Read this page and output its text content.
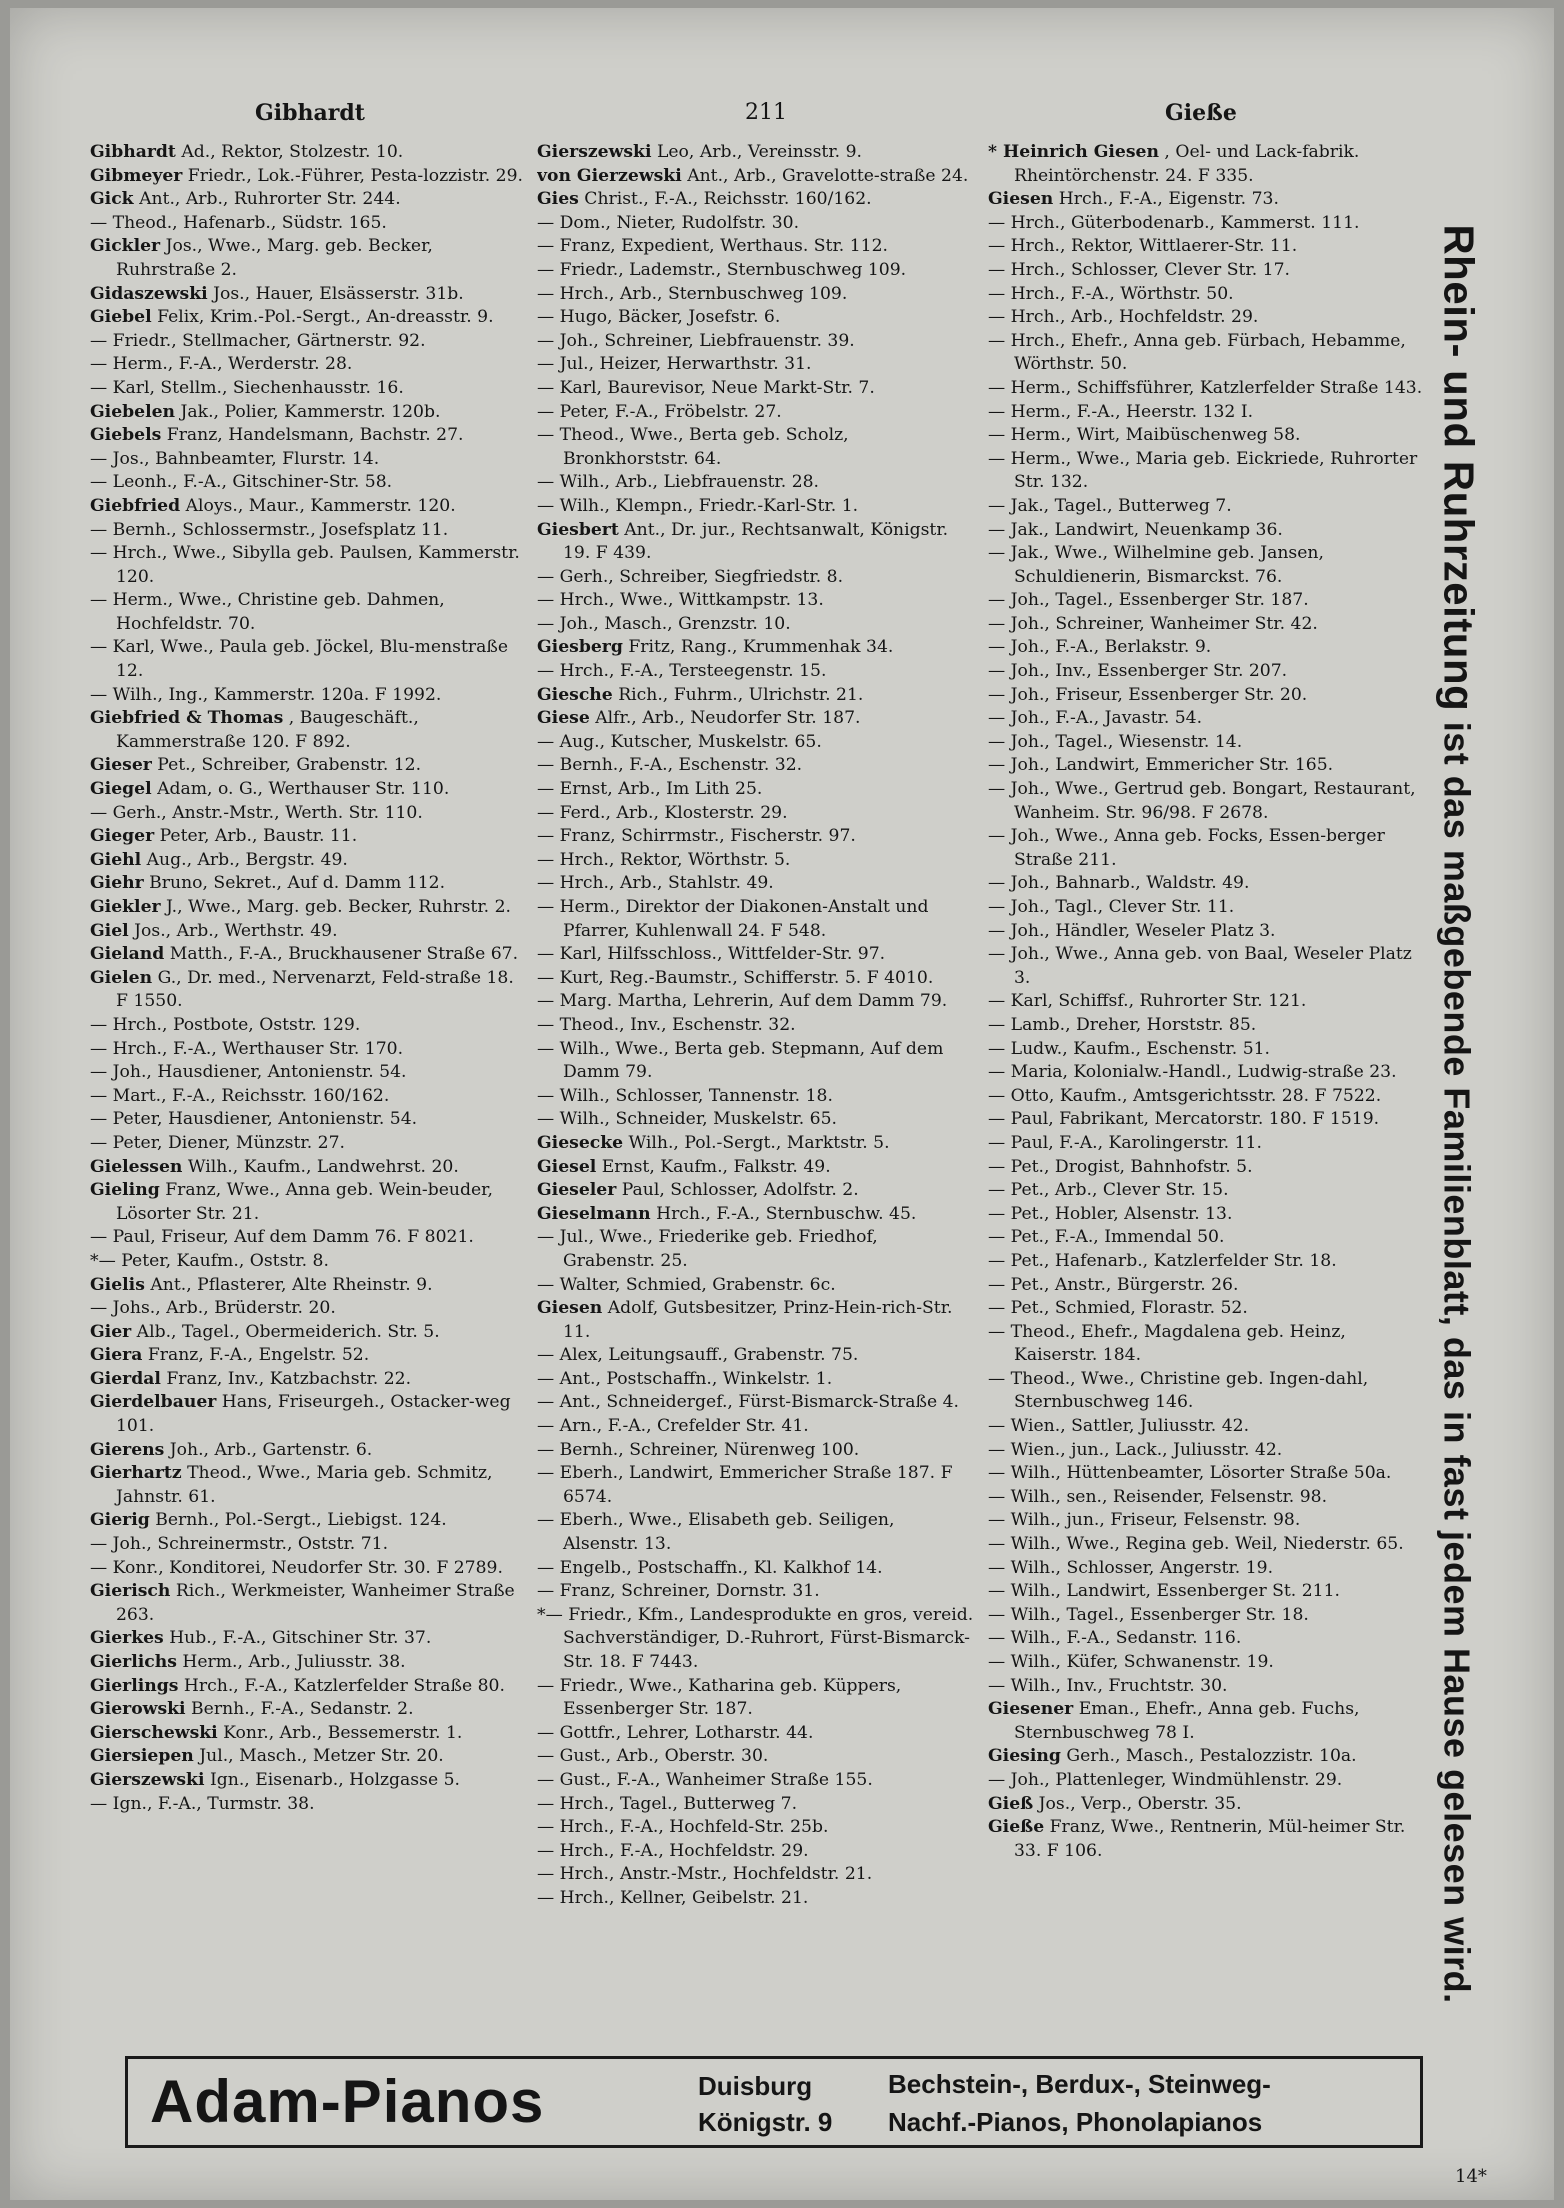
Gibhardt	211	Gieße

Gibhardt Ad., Rektor, Stolzestr. 10.

Gibmeyer Friedr., Lok.-Führer, Pesta-lozzistr. 29.

Gick Ant., Arb., Ruhrorter Str. 244.

— Theod., Hafenarb., Südstr. 165.

Gickler Jos., Wwe., Marg. geb. Becker, Ruhrstraße 2.

Gidaszewski Jos., Hauer, Elsässerstr. 31b.

Giebel Felix, Krim.-Pol.-Sergt., An-dreasstr. 9.

— Friedr., Stellmacher, Gärtnerstr. 92.

— Herm., F.-A., Werderstr. 28.

— Karl, Stellm., Siechenhausstr. 16.

Giebelen Jak., Polier, Kammerstr. 120b.

Giebels Franz, Handelsmann, Bachstr. 27.

— Jos., Bahnbeamter, Flurstr. 14.

— Leonh., F.-A., Gitschiner-Str. 58.

Giebfried Aloys., Maur., Kammerstr. 120.

— Bernh., Schlossermstr., Josefsplatz 11.

— Hrch., Wwe., Sibylla geb. Paulsen, Kammerstr. 120.

— Herm., Wwe., Christine geb. Dahmen, Hochfeldstr. 70.

— Karl, Wwe., Paula geb. Jöckel, Blu-menstraße 12.

— Wilh., Ing., Kammerstr. 120a. F 1992.

Giebfried & Thomas , Baugeschäft., Kammerstraße 120. F 892.

Gieser Pet., Schreiber, Grabenstr. 12.

Giegel Adam, o. G., Werthauser Str. 110.

— Gerh., Anstr.-Mstr., Werth. Str. 110.

Gieger Peter, Arb., Baustr. 11.

Giehl Aug., Arb., Bergstr. 49.

Giehr Bruno, Sekret., Auf d. Damm 112.

Giekler J., Wwe., Marg. geb. Becker, Ruhrstr. 2.

Giel Jos., Arb., Werthstr. 49.

Gieland Matth., F.-A., Bruckhausener Straße 67.

Gielen G., Dr. med., Nervenarzt, Feld-straße 18. F 1550.

— Hrch., Postbote, Oststr. 129.

— Hrch., F.-A., Werthauser Str. 170.

— Joh., Hausdiener, Antonienstr. 54.

— Mart., F.-A., Reichsstr. 160/162.

— Peter, Hausdiener, Antonienstr. 54.

— Peter, Diener, Münzstr. 27.

Gielessen Wilh., Kaufm., Landwehrst. 20.

Gieling Franz, Wwe., Anna geb. Wein-beuder, Lösorter Str. 21.

— Paul, Friseur, Auf dem Damm 76. F 8021.

*— Peter, Kaufm., Oststr. 8.

Gielis Ant., Pflasterer, Alte Rheinstr. 9.

— Johs., Arb., Brüderstr. 20.

Gier Alb., Tagel., Obermeiderich. Str. 5.

Giera Franz, F.-A., Engelstr. 52.

Gierdal Franz, Inv., Katzbachstr. 22.

Gierdelbauer Hans, Friseurgeh., Ostacker-weg 101.

Gierens Joh., Arb., Gartenstr. 6.

Gierhartz Theod., Wwe., Maria geb. Schmitz, Jahnstr. 61.

Gierig Bernh., Pol.-Sergt., Liebigst. 124.

— Joh., Schreinermstr., Oststr. 71.

— Konr., Konditorei, Neudorfer Str. 30. F 2789.

Gierisch Rich., Werkmeister, Wanheimer Straße 263.

Gierkes Hub., F.-A., Gitschiner Str. 37.

Gierlichs Herm., Arb., Juliusstr. 38.

Gierlings Hrch., F.-A., Katzlerfelder Straße 80.

Gierowski Bernh., F.-A., Sedanstr. 2.

Gierschewski Konr., Arb., Bessemerstr. 1.

Giersiepen Jul., Masch., Metzer Str. 20.

Gierszewski Ign., Eisenarb., Holzgasse 5.

— Ign., F.-A., Turmstr. 38.

Gierszewski Leo, Arb., Vereinsstr. 9.

von Gierzewski Ant., Arb., Gravelotte-straße 24.

Gies Christ., F.-A., Reichsstr. 160/162.

— Dom., Nieter, Rudolfstr. 30.

— Franz, Expedient, Werthaus. Str. 112.

— Friedr., Lademstr., Sternbuschweg 109.

— Hrch., Arb., Sternbuschweg 109.

— Hugo, Bäcker, Josefstr. 6.

— Joh., Schreiner, Liebfrauenstr. 39.

— Jul., Heizer, Herwarthstr. 31.

— Karl, Baurevisor, Neue Markt-Str. 7.

— Peter, F.-A., Fröbelstr. 27.

— Theod., Wwe., Berta geb. Scholz, Bronkhorststr. 64.

— Wilh., Arb., Liebfrauenstr. 28.

— Wilh., Klempn., Friedr.-Karl-Str. 1.

Giesbert Ant., Dr. jur., Rechtsanwalt, Königstr. 19. F 439.

— Gerh., Schreiber, Siegfriedstr. 8.

— Hrch., Wwe., Wittkampstr. 13.

— Joh., Masch., Grenzstr. 10.

Giesberg Fritz, Rang., Krummenhak 34.

— Hrch., F.-A., Tersteegenstr. 15.

Giesche Rich., Fuhrm., Ulrichstr. 21.

Giese Alfr., Arb., Neudorfer Str. 187.

— Aug., Kutscher, Muskelstr. 65.

— Bernh., F.-A., Eschenstr. 32.

— Ernst, Arb., Im Lith 25.

— Ferd., Arb., Klosterstr. 29.

— Franz, Schirrmstr., Fischerstr. 97.

— Hrch., Rektor, Wörthstr. 5.

— Hrch., Arb., Stahlstr. 49.

— Herm., Direktor der Diakonen-Anstalt und Pfarrer, Kuhlenwall 24. F 548.

— Karl, Hilfsschloss., Wittfelder-Str. 97.

— Kurt, Reg.-Baumstr., Schifferstr. 5. F 4010.

— Marg. Martha, Lehrerin, Auf dem Damm 79.

— Theod., Inv., Eschenstr. 32.

— Wilh., Wwe., Berta geb. Stepmann, Auf dem Damm 79.

— Wilh., Schlosser, Tannenstr. 18.

— Wilh., Schneider, Muskelstr. 65.

Giesecke Wilh., Pol.-Sergt., Marktstr. 5.

Giesel Ernst, Kaufm., Falkstr. 49.

Gieseler Paul, Schlosser, Adolfstr. 2.

Gieselmann Hrch., F.-A., Sternbuschw. 45.

— Jul., Wwe., Friederike geb. Friedhof, Grabenstr. 25.

— Walter, Schmied, Grabenstr. 6c.

Giesen Adolf, Gutsbesitzer, Prinz-Hein-rich-Str. 11.

— Alex, Leitungsauff., Grabenstr. 75.

— Ant., Postschaffn., Winkelstr. 1.

— Ant., Schneidergef., Fürst-Bismarck-Straße 4.

— Arn., F.-A., Crefelder Str. 41.

— Bernh., Schreiner, Nürenweg 100.

— Eberh., Landwirt, Emmericher Straße 187. F 6574.

— Eberh., Wwe., Elisabeth geb. Seiligen, Alsenstr. 13.

— Engelb., Postschaffn., Kl. Kalkhof 14.

— Franz, Schreiner, Dornstr. 31.

*— Friedr., Kfm., Landesprodukte en gros, vereid. Sachverständiger, D.-Ruhrort, Fürst-Bismarck-Str. 18. F 7443.

— Friedr., Wwe., Katharina geb. Küppers, Essenberger Str. 187.

— Gottfr., Lehrer, Lotharstr. 44.

— Gust., Arb., Oberstr. 30.

— Gust., F.-A., Wanheimer Straße 155.

— Hrch., Tagel., Butterweg 7.

— Hrch., F.-A., Hochfeld-Str. 25b.

— Hrch., F.-A., Hochfeldstr. 29.

— Hrch., Anstr.-Mstr., Hochfeldstr. 21.

— Hrch., Kellner, Geibelstr. 21.

* Heinrich Giesen , Oel- und Lack-fabrik. Rheintörchenstr. 24. F 335.

Giesen Hrch., F.-A., Eigenstr. 73.

— Hrch., Güterbodenarb., Kammerst. 111.

— Hrch., Rektor, Wittlaerer-Str. 11.

— Hrch., Schlosser, Clever Str. 17.

— Hrch., F.-A., Wörthstr. 50.

— Hrch., Arb., Hochfeldstr. 29.

— Hrch., Ehefr., Anna geb. Fürbach, Hebamme, Wörthstr. 50.

— Herm., Schiffsführer, Katzlerfelder Straße 143.

— Herm., F.-A., Heerstr. 132 I.

— Herm., Wirt, Maibüschenweg 58.

— Herm., Wwe., Maria geb. Eickriede, Ruhrorter Str. 132.

— Jak., Tagel., Butterweg 7.

— Jak., Landwirt, Neuenkamp 36.

— Jak., Wwe., Wilhelmine geb. Jansen, Schuldienerin, Bismarckst. 76.

— Joh., Tagel., Essenberger Str. 187.

— Joh., Schreiner, Wanheimer Str. 42.

— Joh., F.-A., Berlakstr. 9.

— Joh., Inv., Essenberger Str. 207.

— Joh., Friseur, Essenberger Str. 20.

— Joh., F.-A., Javastr. 54.

— Joh., Tagel., Wiesenstr. 14.

— Joh., Landwirt, Emmericher Str. 165.

— Joh., Wwe., Gertrud geb. Bongart, Restaurant, Wanheim. Str. 96/98. F 2678.

— Joh., Wwe., Anna geb. Focks, Essen-berger Straße 211.

— Joh., Bahnarb., Waldstr. 49.

— Joh., Tagl., Clever Str. 11.

— Joh., Händler, Weseler Platz 3.

— Joh., Wwe., Anna geb. von Baal, Weseler Platz 3.

— Karl, Schiffsf., Ruhrorter Str. 121.

— Lamb., Dreher, Horststr. 85.

— Ludw., Kaufm., Eschenstr. 51.

— Maria, Kolonialw.-Handl., Ludwig-straße 23.

— Otto, Kaufm., Amtsgerichtsstr. 28. F 7522.

— Paul, Fabrikant, Mercatorstr. 180. F 1519.

— Paul, F.-A., Karolingerstr. 11.

— Pet., Drogist, Bahnhofstr. 5.

— Pet., Arb., Clever Str. 15.

— Pet., Hobler, Alsenstr. 13.

— Pet., F.-A., Immendal 50.

— Pet., Hafenarb., Katzlerfelder Str. 18.

— Pet., Anstr., Bürgerstr. 26.

— Pet., Schmied, Florastr. 52.

— Theod., Ehefr., Magdalena geb. Heinz, Kaiserstr. 184.

— Theod., Wwe., Christine geb. Ingen-dahl, Sternbuschweg 146.

— Wien., Sattler, Juliusstr. 42.

— Wien., jun., Lack., Juliusstr. 42.

— Wilh., Hüttenbeamter, Lösorter Straße 50a.

— Wilh., sen., Reisender, Felsenstr. 98.

— Wilh., jun., Friseur, Felsenstr. 98.

— Wilh., Wwe., Regina geb. Weil, Niederstr. 65.

— Wilh., Schlosser, Angerstr. 19.

— Wilh., Landwirt, Essenberger St. 211.

— Wilh., Tagel., Essenberger Str. 18.

— Wilh., F.-A., Sedanstr. 116.

— Wilh., Küfer, Schwanenstr. 19.

— Wilh., Inv., Fruchtstr. 30.

Giesener Eman., Ehefr., Anna geb. Fuchs, Sternbuschweg 78 I.

Giesing Gerh., Masch., Pestalozzistr. 10a.

— Joh., Plattenleger, Windmühlenstr. 29.

Gieß Jos., Verp., Oberstr. 35.

Gieße Franz, Wwe., Rentnerin, Mül-heimer Str. 33. F 106.

Rhein- und Ruhrzeitung ist das maßgebende Familienblatt, das in fast jedem Hause gelesen wird.
Adam-Pianos	Duisburg
Königstr. 9
Bechstein-, Berdux-, Steinweg-
Nachf.-Pianos, Phonolapianos
14*
